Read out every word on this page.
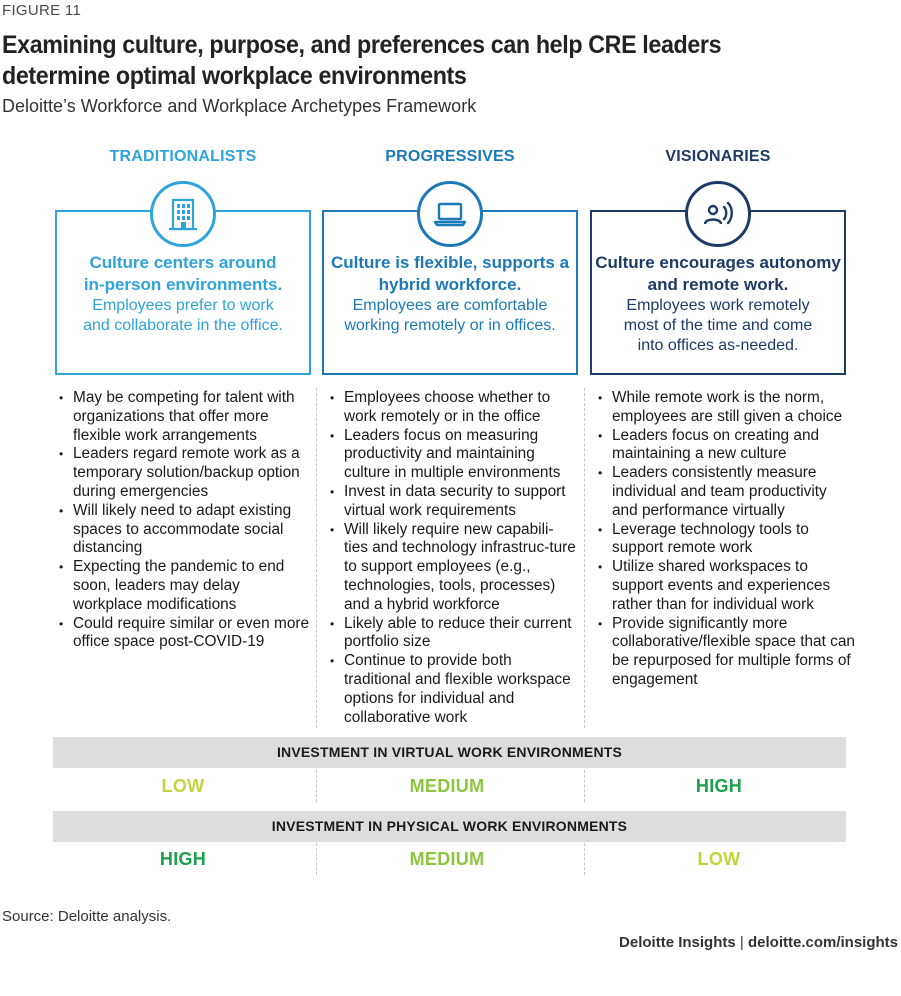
FIGURE 11
Examining culture, purpose, and preferences can help CRE leaders determine optimal workplace environments
Deloitte’s Workforce and Workplace Archetypes Framework
TRADITIONALISTS	PROGRESSIVES	VISIONARIES
Culture centers around
in-person environments.
Employees prefer to work
and collaborate in the office.
Culture is flexible, supports a
hybrid workforce.
Employees are comfortable
working remotely or in offices.
Culture encourages autonomy
and remote work.
Employees work remotely
most of the time and come
into offices as-needed.
• May be competing for talent with organizations that offer more flexible work arrangements
• Leaders regard remote work as a temporary solution/backup option during emergencies
• Will likely need to adapt existing spaces to accommodate social distancing
• Expecting the pandemic to end soon, leaders may delay workplace modifications
• Could require similar or even more office space post-COVID-19
• Employees choose whether to work remotely or in the office
• Leaders focus on measuring productivity and maintaining culture in multiple environments
• Invest in data security to support virtual work requirements
• Will likely require new capabili-ties and technology infrastruc-ture to support employees (e.g., technologies, tools, processes) and a hybrid workforce
• Likely able to reduce their current portfolio size
• Continue to provide both traditional and flexible workspace options for individual and collaborative work
• While remote work is the norm, employees are still given a choice
• Leaders focus on creating and maintaining a new culture
• Leaders consistently measure individual and team productivity and performance virtually
• Leverage technology tools to support remote work
• Utilize shared workspaces to support events and experiences rather than for individual work
• Provide significantly more collaborative/flexible space that can be repurposed for multiple forms of engagement
INVESTMENT IN VIRTUAL WORK ENVIRONMENTS
LOW	MEDIUM	HIGH
INVESTMENT IN PHYSICAL WORK ENVIRONMENTS
HIGH	MEDIUM	LOW
Source: Deloitte analysis.
Deloitte Insights | deloitte.com/insights
